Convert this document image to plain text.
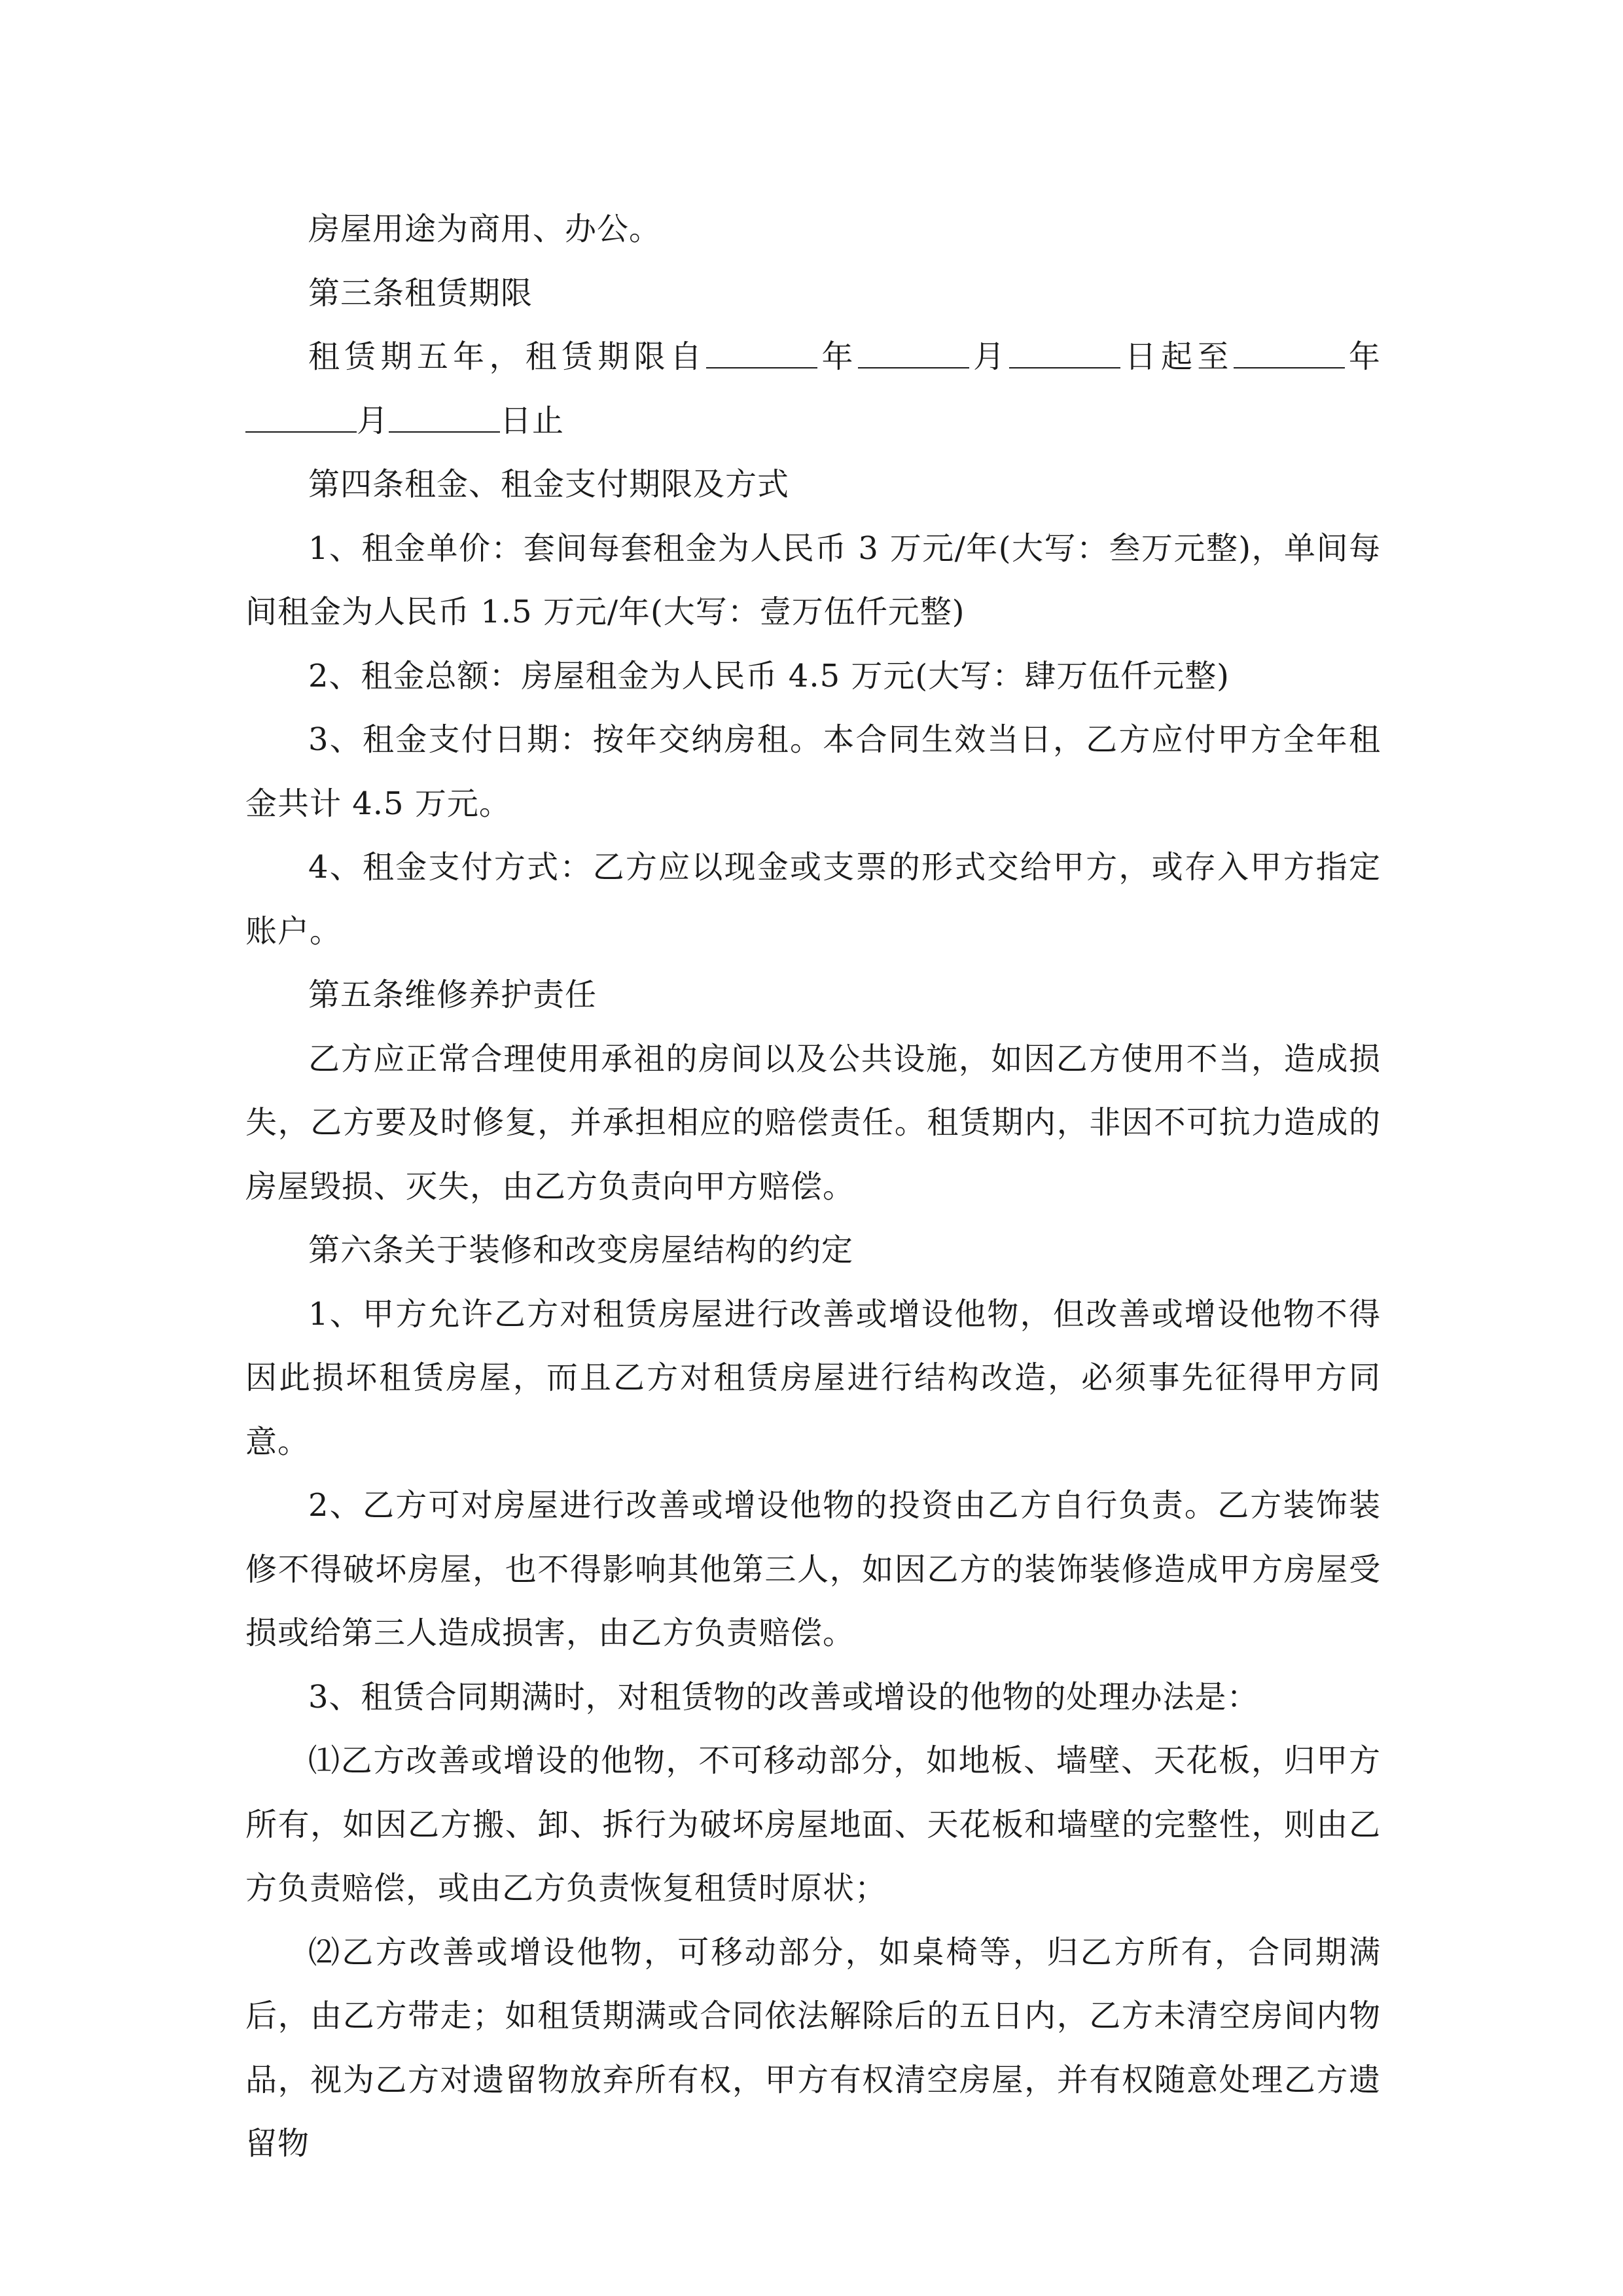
房屋用途为商用、办公。

第三条租赁期限

租赁期五年，租赁期限自	年	月	日起至	年月	日止

第四条租金、租金支付期限及方式

1、租金单价：套间每套租金为人民币 3 万元/年(大写：叁万元整)，单间每间租金为人民币 1.5 万元/年(大写：壹万伍仟元整)

2、租金总额：房屋租金为人民币 4.5 万元(大写：肆万伍仟元整)

3、租金支付日期：按年交纳房租。本合同生效当日，乙方应付甲方全年租金共计 4.5 万元。

4、租金支付方式：乙方应以现金或支票的形式交给甲方，或存入甲方指定账户。

第五条维修养护责任

乙方应正常合理使用承祖的房间以及公共设施，如因乙方使用不当，造成损失，乙方要及时修复，并承担相应的赔偿责任。租赁期内，非因不可抗力造成的房屋毁损、灭失，由乙方负责向甲方赔偿。

第六条关于装修和改变房屋结构的约定

1、甲方允许乙方对租赁房屋进行改善或增设他物，但改善或增设他物不得因此损坏租赁房屋，而且乙方对租赁房屋进行结构改造，必须事先征得甲方同意。

2、乙方可对房屋进行改善或增设他物的投资由乙方自行负责。乙方装饰装修不得破坏房屋，也不得影响其他第三人，如因乙方的装饰装修造成甲方房屋受损或给第三人造成损害，由乙方负责赔偿。

3、租赁合同期满时，对租赁物的改善或增设的他物的处理办法是：

⑴乙方改善或增设的他物，不可移动部分，如地板、墙壁、天花板，归甲方所有，如因乙方搬、卸、拆行为破坏房屋地面、天花板和墙壁的完整性，则由乙方负责赔偿，或由乙方负责恢复租赁时原状；

⑵乙方改善或增设他物，可移动部分，如桌椅等，归乙方所有，合同期满后，由乙方带走；如租赁期满或合同依法解除后的五日内，乙方未清空房间内物品，视为乙方对遗留物放弃所有权，甲方有权清空房屋，并有权随意处理乙方遗留物
